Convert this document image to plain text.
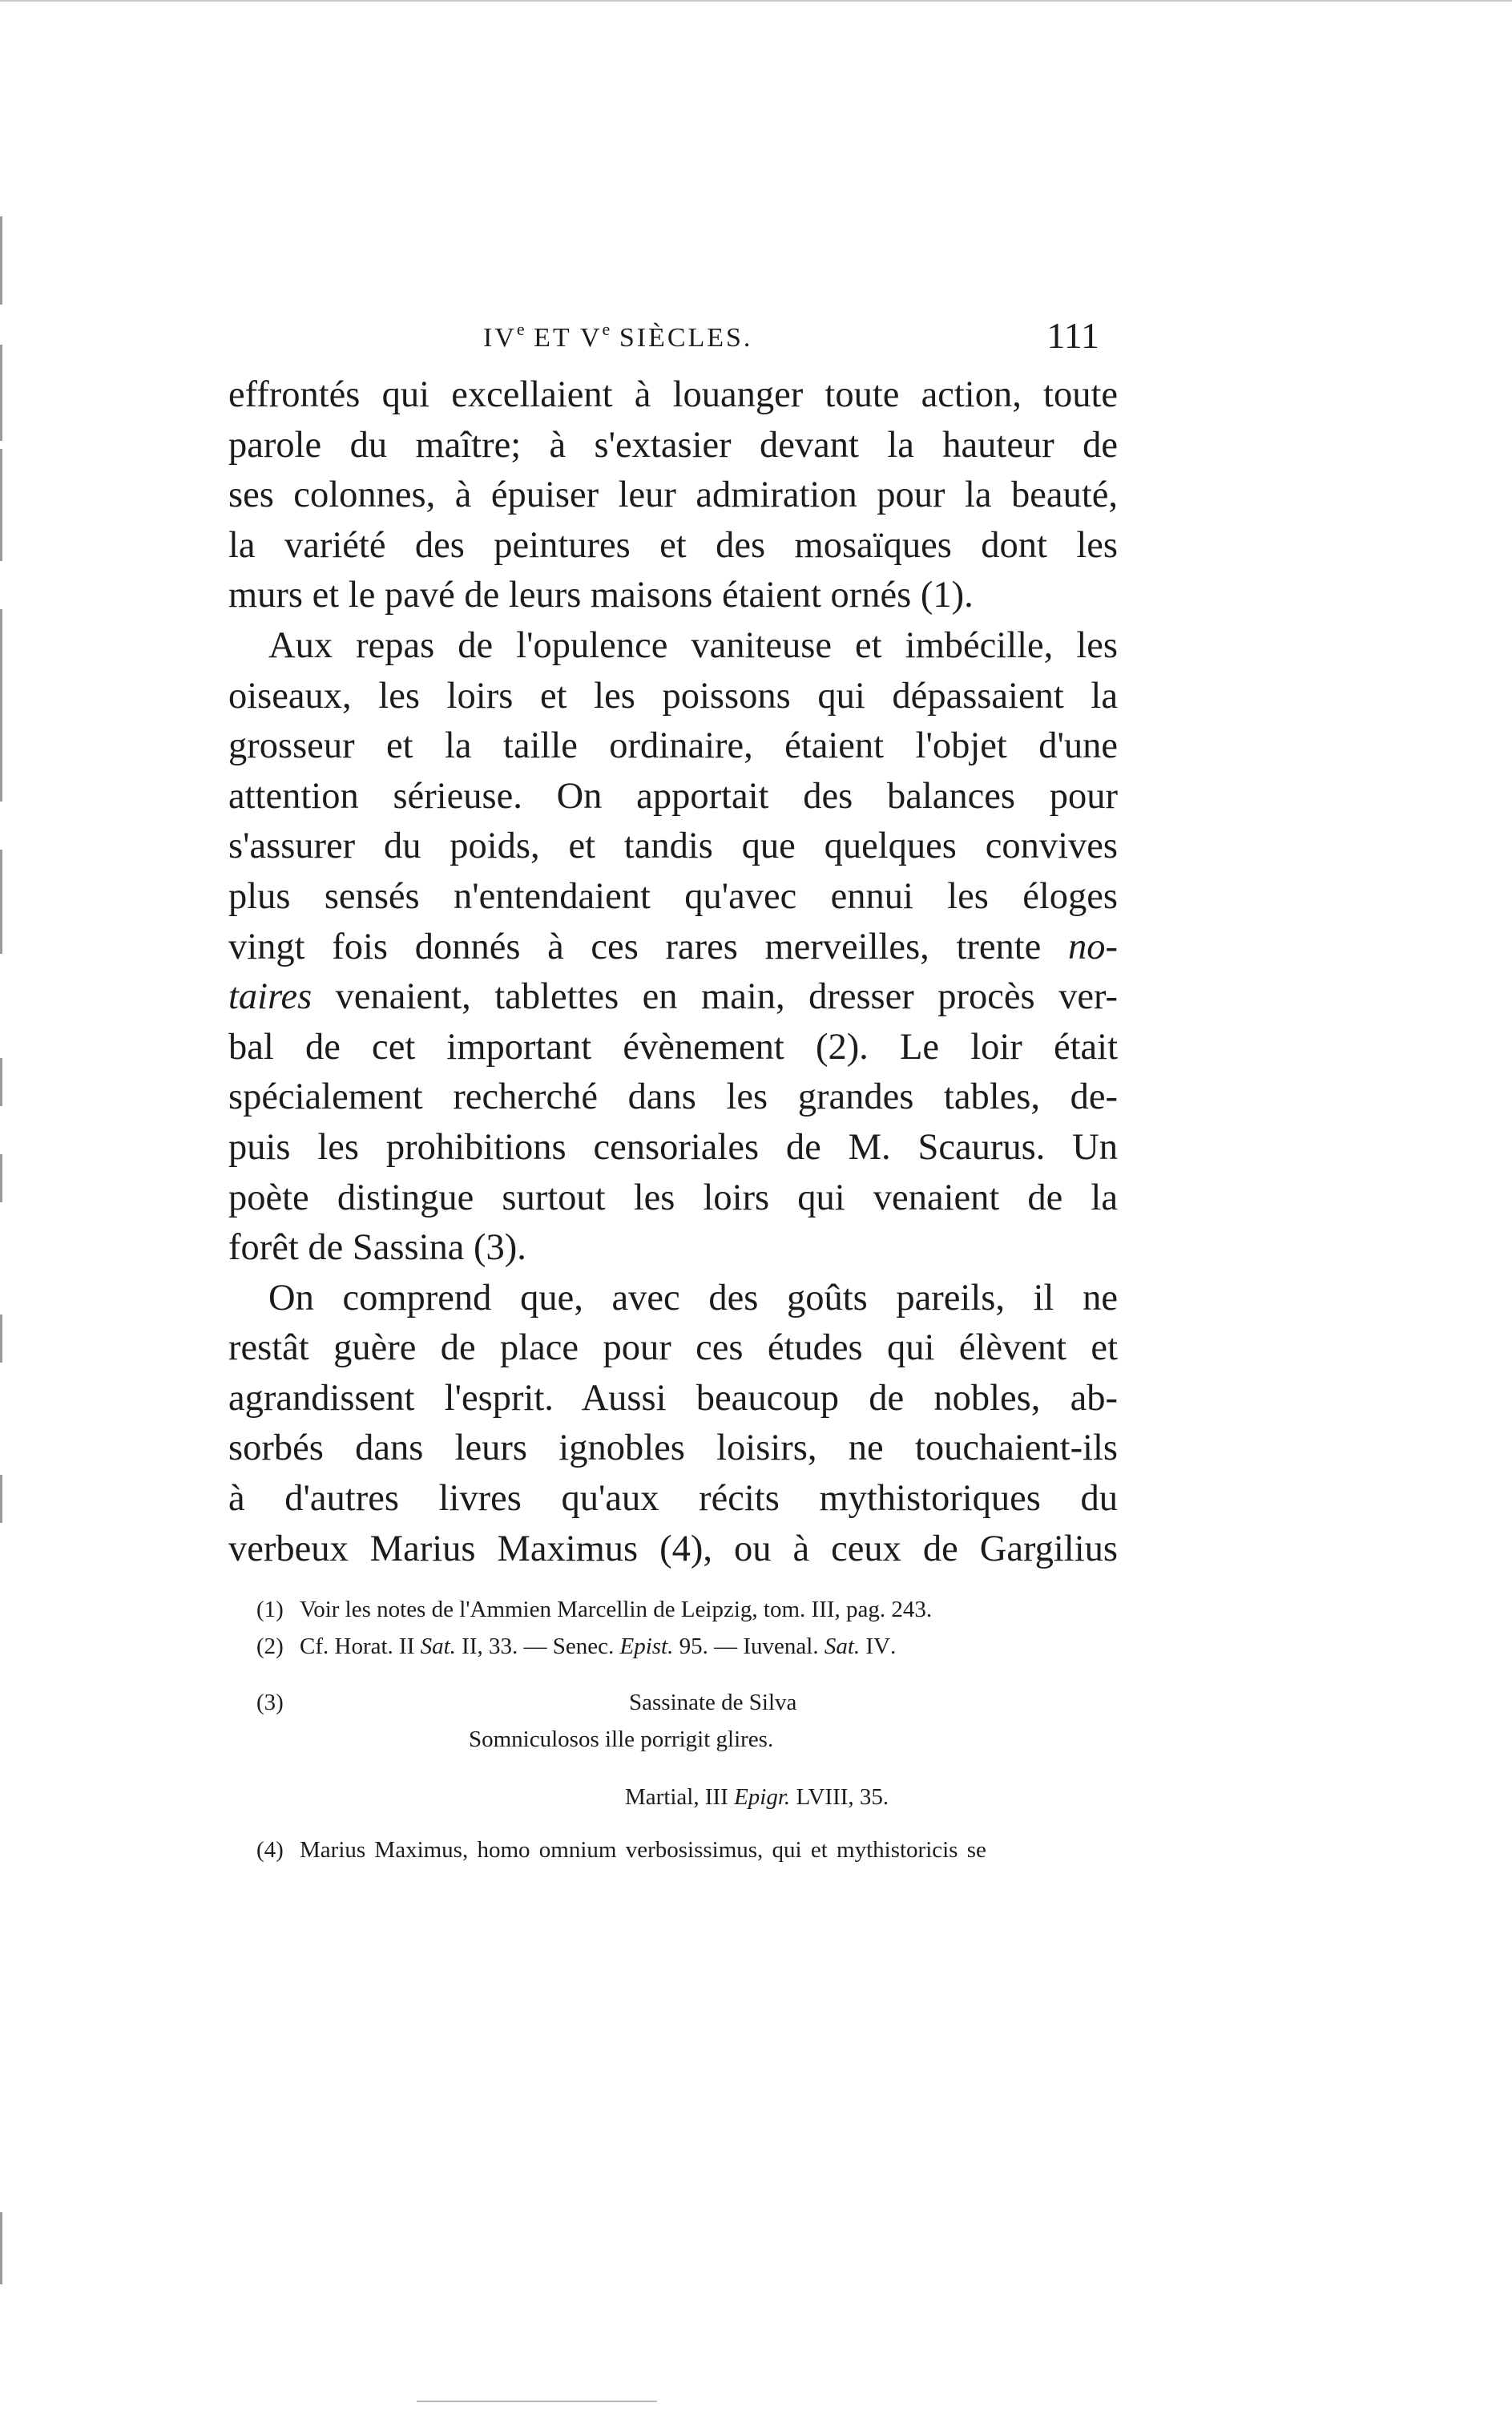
IVe ET Ve SIÈCLES.	111
effrontés qui excellaient à louanger toute action, toute
parole du maître; à s'extasier devant la hauteur de
ses colonnes, à épuiser leur admiration pour la beauté,
la variété des peintures et des mosaïques dont les
murs et le pavé de leurs maisons étaient ornés (1).
Aux repas de l'opulence vaniteuse et imbécille, les
oiseaux, les loirs et les poissons qui dépassaient la
grosseur et la taille ordinaire, étaient l'objet d'une
attention sérieuse. On apportait des balances pour
s'assurer du poids, et tandis que quelques convives
plus sensés n'entendaient qu'avec ennui les éloges
vingt fois donnés à ces rares merveilles, trente no-
taires venaient, tablettes en main, dresser procès ver-
bal de cet important évènement (2). Le loir était
spécialement recherché dans les grandes tables, de-
puis les prohibitions censoriales de M. Scaurus. Un
poète distingue surtout les loirs qui venaient de la
forêt de Sassina (3).
On comprend que, avec des goûts pareils, il ne
restât guère de place pour ces études qui élèvent et
agrandissent l'esprit. Aussi beaucoup de nobles, ab-
sorbés dans leurs ignobles loisirs, ne touchaient-ils
à d'autres livres qu'aux récits mythistoriques du
verbeux Marius Maximus (4), ou à ceux de Gargilius
(1) Voir les notes de l'Ammien Marcellin de Leipzig, tom. III, pag. 243.
(2) Cf. Horat. II Sat. II, 33. — Senec. Epist. 95. — Iuvenal. Sat. IV.
(3)	Sassinate de Silva
Somniculosos ille porrigit glires.
Martial, III Epigr. LVIII, 35.
(4) Marius Maximus, homo omnium verbosissimus, qui et mythistoricis se
